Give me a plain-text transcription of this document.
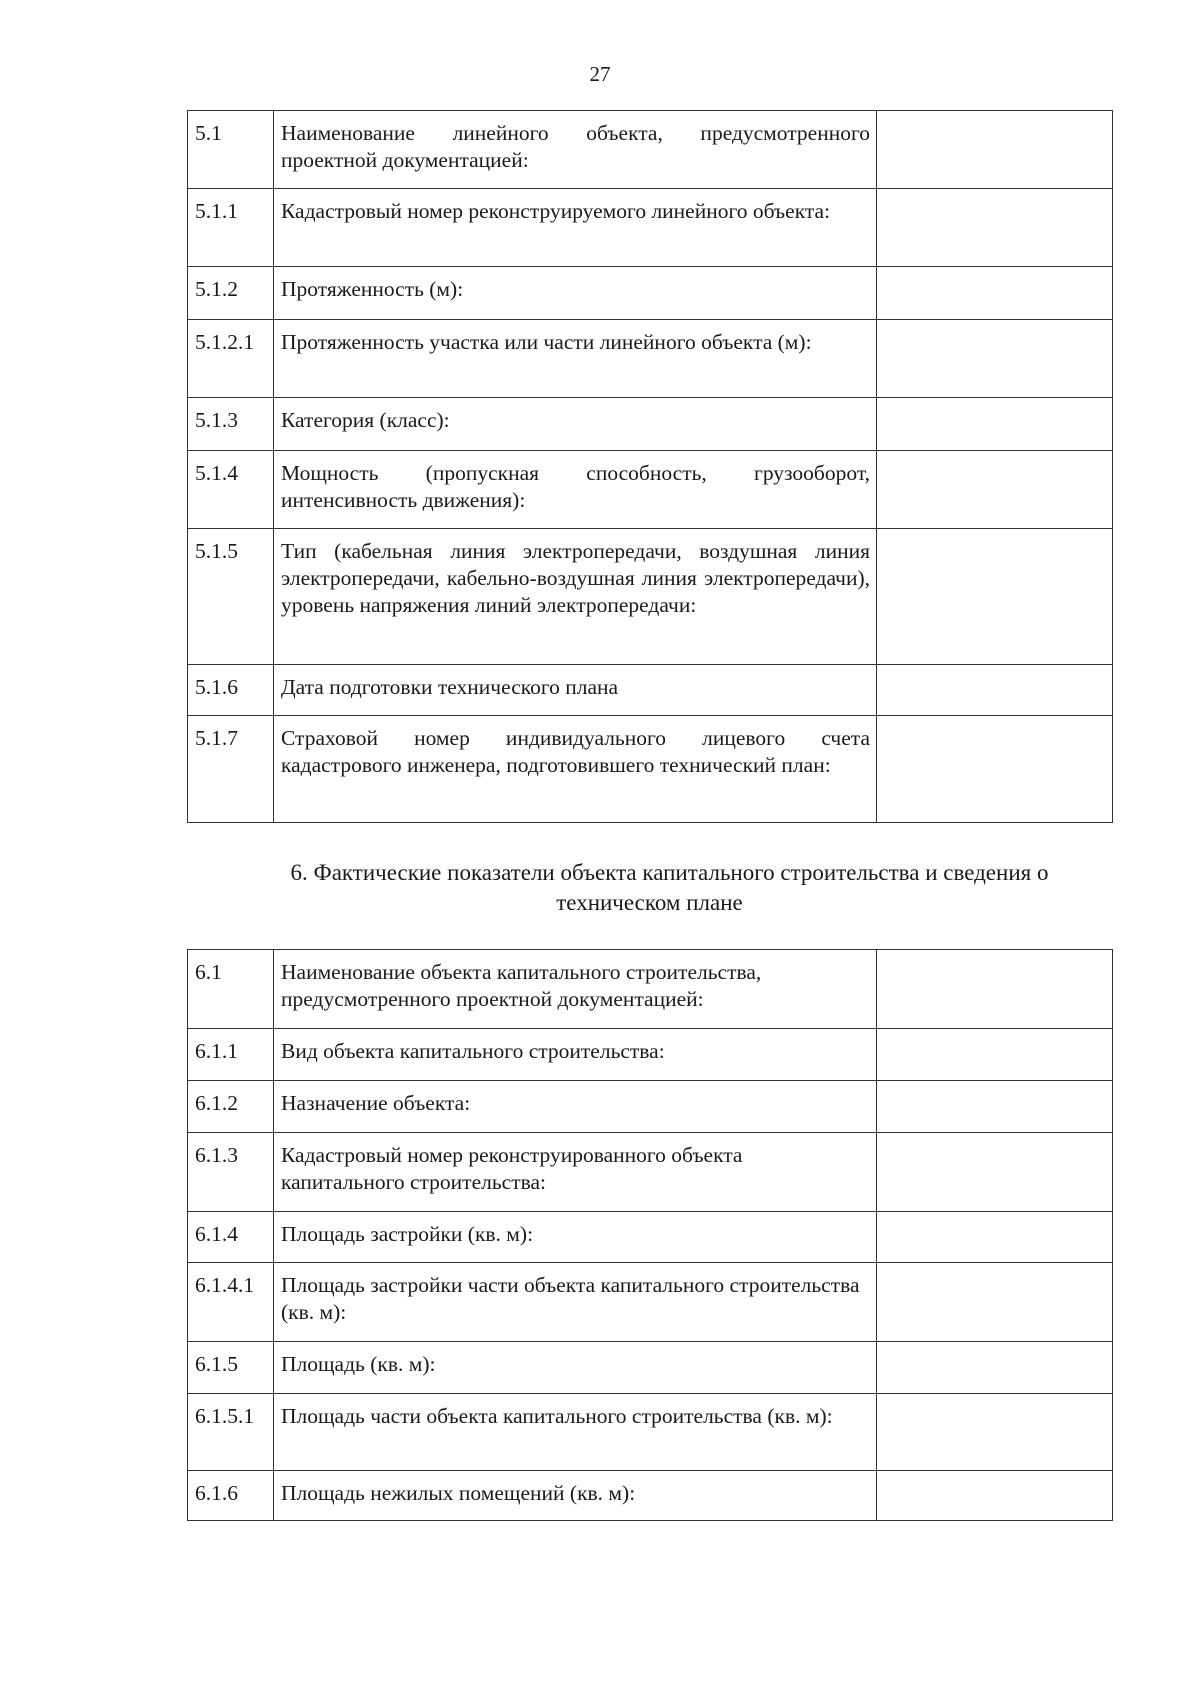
27
5.1	Наименование линейного объекта, предусмотренного проектной документацией:	
5.1.1	Кадастровый номер реконструируемого линейного объекта:	
5.1.2	Протяженность (м):	
5.1.2.1	Протяженность участка или части линейного объекта (м):	
5.1.3	Категория (класс):	
5.1.4	Мощность (пропускная способность, грузооборот, интенсивность движения):	
5.1.5	Тип (кабельная линия электропередачи, воздушная линия электропередачи, кабельно-воздушная линия электропередачи), уровень напряжения линий электропередачи:	
5.1.6	Дата подготовки технического плана	
5.1.7	Страховой номер индивидуального лицевого счета кадастрового инженера, подготовившего технический план:	
6. Фактические показатели объекта капитального строительства и сведения о техническом плане
6.1	Наименование объекта капитального строительства, предусмотренного проектной документацией:	
6.1.1	Вид объекта капитального строительства:	
6.1.2	Назначение объекта:	
6.1.3	Кадастровый номер реконструированного объекта капитального строительства:	
6.1.4	Площадь застройки (кв. м):	
6.1.4.1	Площадь застройки части объекта капитального строительства (кв. м):	
6.1.5	Площадь (кв. м):	
6.1.5.1	Площадь части объекта капитального строительства (кв. м):	
6.1.6	Площадь нежилых помещений (кв. м):	
